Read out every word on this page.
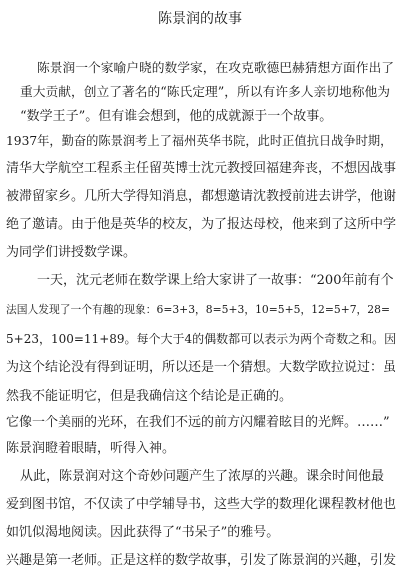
陈景润的故事
陈景润一个家喻户晓的数学家，在攻克歌德巴赫猜想方面作出了
重大贡献，创立了著名的“陈氏定理”，所以有许多人亲切地称他为
“数学王子”。但有谁会想到，他的成就源于一个故事。
1937年，勤奋的陈景润考上了福州英华书院，此时正值抗日战争时期，
清华大学航空工程系主任留英博士沈元教授回福建奔丧，不想因战事
被滞留家乡。几所大学得知消息，都想邀请沈教授前进去讲学，他谢
绝了邀请。由于他是英华的校友，为了报达母校，他来到了这所中学
为同学们讲授数学课。
一天，沈元老师在数学课上给大家讲了一故事：“200年前有个
法国人发现了一个有趣的现象：6=3+3，8=5+3，10=5+5，12=5+7，28=
5+23，100=11+89。每个大于4的偶数都可以表示为两个奇数之和。因
为这个结论没有得到证明，所以还是一个猜想。大数学欧拉说过：虽
然我不能证明它，但是我确信这个结论是正确的。
它像一个美丽的光环，在我们不远的前方闪耀着眩目的光辉。……”
陈景润瞪着眼睛，听得入神。
从此，陈景润对这个奇妙问题产生了浓厚的兴趣。课余时间他最
爱到图书馆，不仅读了中学辅导书，这些大学的数理化课程教材他也
如饥似渴地阅读。因此获得了“书呆子”的雅号。
兴趣是第一老师。正是这样的数学故事，引发了陈景润的兴趣，引发
